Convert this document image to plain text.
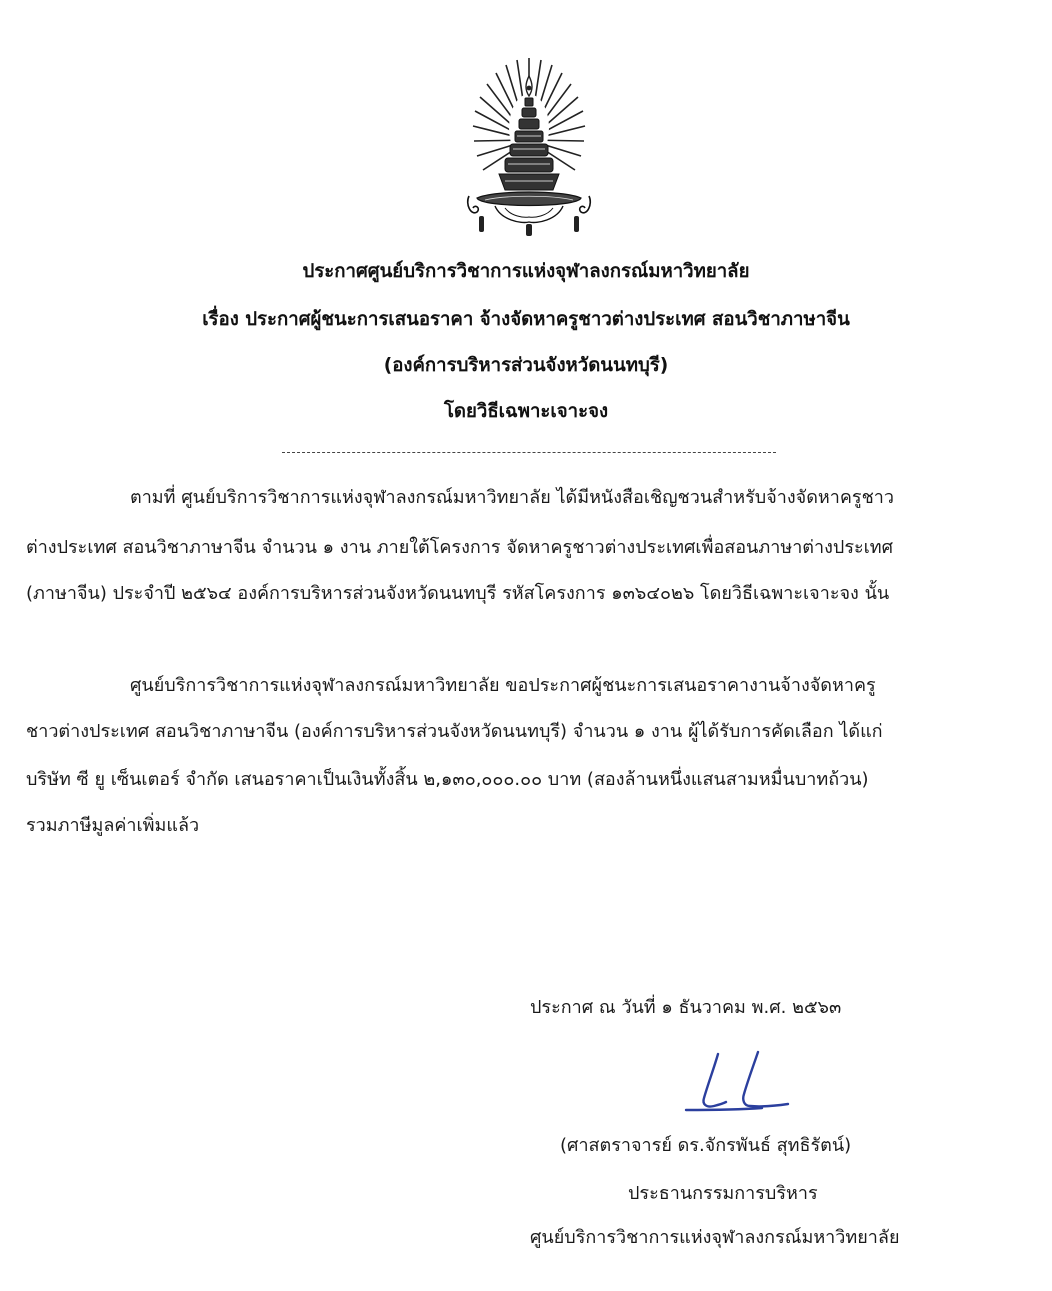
ประกาศศูนย์บริการวิชาการแห่งจุฬาลงกรณ์มหาวิทยาลัย
เรื่อง ประกาศผู้ชนะการเสนอราคา จ้างจัดหาครูชาวต่างประเทศ สอนวิชาภาษาจีน
(องค์การบริหารส่วนจังหวัดนนทบุรี)
โดยวิธีเฉพาะเจาะจง
ตามที่ ศูนย์บริการวิชาการแห่งจุฬาลงกรณ์มหาวิทยาลัย ได้มีหนังสือเชิญชวนสำหรับจ้างจัดหาครูชาว
ต่างประเทศ สอนวิชาภาษาจีน จำนวน ๑ งาน ภายใต้โครงการ จัดหาครูชาวต่างประเทศเพื่อสอนภาษาต่างประเทศ
(ภาษาจีน) ประจำปี ๒๕๖๔ องค์การบริหารส่วนจังหวัดนนทบุรี รหัสโครงการ ๑๓๖๔๐๒๖ โดยวิธีเฉพาะเจาะจง นั้น
ศูนย์บริการวิชาการแห่งจุฬาลงกรณ์มหาวิทยาลัย ขอประกาศผู้ชนะการเสนอราคางานจ้างจัดหาครู
ชาวต่างประเทศ สอนวิชาภาษาจีน (องค์การบริหารส่วนจังหวัดนนทบุรี) จำนวน ๑ งาน ผู้ได้รับการคัดเลือก ได้แก่
บริษัท ซี ยู เซ็นเตอร์ จำกัด เสนอราคาเป็นเงินทั้งสิ้น ๒,๑๓๐,๐๐๐.๐๐ บาท (สองล้านหนึ่งแสนสามหมื่นบาทถ้วน)
รวมภาษีมูลค่าเพิ่มแล้ว
ประกาศ ณ วันที่ ๑ ธันวาคม พ.ศ. ๒๕๖๓
(ศาสตราจารย์ ดร.จักรพันธ์ สุทธิรัตน์)
ประธานกรรมการบริหาร
ศูนย์บริการวิชาการแห่งจุฬาลงกรณ์มหาวิทยาลัย
